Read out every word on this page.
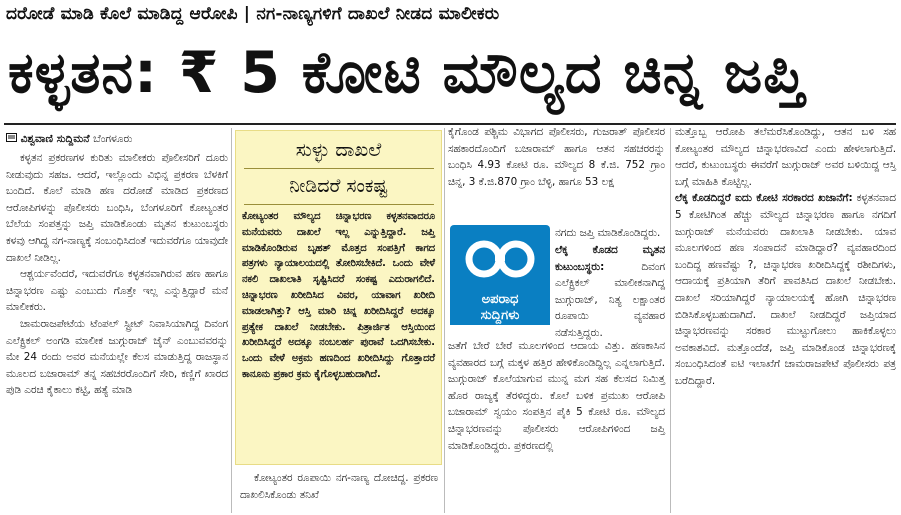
ದರೋಡೆ ಮಾಡಿ ಕೊಲೆ ಮಾಡಿದ್ದ ಆರೋಪಿ | ನಗ-ನಾಣ್ಯಗಳಿಗೆ ದಾಖಲೆ ನೀಡದ ಮಾಲೀಕರು
ಕಳ್ಳತನ: ₹ 5 ಕೋಟಿ ಮೌಲ್ಯದ ಚಿನ್ನ ಜಪ್ತಿ
ವಿಶ್ವವಾಣಿ ಸುದ್ದಿಮನೆ ಬೆಂಗಳೂರು

ಕಳ್ಳತನ ಪ್ರಕರಣಗಳ ಕುರಿತು ಮಾಲೀಕರು ಪೊಲೀಸರಿಗೆ ದೂರು ನೀಡುವುದು ಸಹಜ. ಆದರೆ, ಇಲ್ಲೊಂದು ವಿಭಿನ್ನ ಪ್ರಕರಣ ಬೆಳಕಿಗೆ ಬಂದಿದೆ. ಕೊಲೆ ಮಾಡಿ ಹಣ ದರೋಡೆ ಮಾಡಿದ ಪ್ರಕರಣದ ಆರೋಪಿಗಳನ್ನು ಪೊಲೀಸರು ಬಂಧಿಸಿ, ಬೆಂಗಳೂರಿಗೆ ಕೋಟ್ಯಂತರ ಬೆಲೆಯ ಸಂಪತ್ತನ್ನು ಜಪ್ತಿ ಮಾಡಿಕೊಂಡು ಮೃತನ ಕುಟುಂಬಸ್ಥರು ಕಳವು ಆಗಿದ್ದ ನಗ-ನಾಣ್ಯಕ್ಕೆ ಸಂಬಂಧಿಸಿದಂತೆ ಇದುವರೆಗೂ ಯಾವುದೇ ದಾಖಲೆ ನೀಡಿಲ್ಲ.

ಆಶ್ಚರ್ಯವೆಂದರೆ, ಇದುವರೆಗೂ ಕಳ್ಳತನವಾಗಿರುವ ಹಣ ಹಾಗೂ ಚಿನ್ನಾಭರಣ ಎಷ್ಟು ಎಂಬುದು ಗೊತ್ತೇ ಇಲ್ಲ ಎನ್ನುತ್ತಿದ್ದಾರೆ ಮನೆ ಮಾಲೀಕರು.

ಚಾಮರಾಜಪೇಟೆಯ ಟೆಂಪಲ್ ಸ್ಟ್ರೀಟ್ ನಿವಾಸಿಯಾಗಿದ್ದ ದಿವಂಗ ಎಲೆಕ್ಟ್ರಿಕಲ್ ಅಂಗಡಿ ಮಾಲೀಕ ಜುಗ್ಗುರಾಜ್ ಜೈನ್ ಎಂಬುವವರನ್ನು ಮೇ 24 ರಂದು ಅವರ ಮನೆಯಲ್ಲೇ ಕೆಲಸ ಮಾಡುತ್ತಿದ್ದ ರಾಜಸ್ಥಾನ ಮೂಲದ ಬಜಾರಾಮ್ ತನ್ನ ಸಹಚರರೊಂದಿಗೆ ಸೇರಿ, ಕಣ್ಣಿಗೆ ಖಾರದ ಪುಡಿ ಎರಚಿ ಕೈಕಾಲು ಕಟ್ಟಿ, ಹತ್ಯೆ ಮಾಡಿ

ಸುಳ್ಳು ದಾಖಲೆ
ನೀಡಿದರೆ ಸಂಕಷ್ಟ
ಕೋಟ್ಯಂತರ ಮೌಲ್ಯದ ಚಿನ್ನಾಭರಣ ಕಳ್ಳತನವಾದರೂ ಮನೆಯವರು ದಾಖಲೆ ಇಲ್ಲ ಎನ್ನುತ್ತಿದ್ದಾರೆ. ಜಪ್ತಿ ಮಾಡಿಕೊಂಡಿರುವ ಬೃಹತ್ ಮೊತ್ತದ ಸಂಪತ್ತಿಗೆ ಕಾಗದ ಪತ್ರಗಳು ನ್ಯಾಯಾಲಯದಲ್ಲಿ ತೋರಿಸಬೇಕಿದೆ. ಒಂದು ವೇಳೆ ನಕಲಿ ದಾಖಲಾತಿ ಸೃಷ್ಟಿಸಿದರೆ ಸಂಕಷ್ಟ ಎದುರಾಗಲಿದೆ. ಚಿನ್ನಾಭರಣ ಖರೀದಿಸಿದ ವಿವರ, ಯಾವಾಗ ಖರೀದಿ ಮಾಡಲಾಗಿತ್ತು? ಆಸ್ತಿ ಮಾರಿ ಚಿನ್ನ ಖರೀದಿಸಿದ್ದರೆ ಅದಕ್ಕೂ ಪ್ರತ್ಯೇಕ ದಾಖಲೆ ನೀಡಬೇಕು. ಪಿತ್ರಾರ್ಜಿತ ಆಸ್ತಿಯಿಂದ ಖರೀದಿಸಿದ್ದರೆ ಅದಕ್ಕೂ ನಂಬಲರ್ಹ ಪುರಾವೆ ಒದಗಿಸಬೇಕು. ಒಂದು ವೇಳೆ ಅಕ್ರಮ ಹಣದಿಂದ ಖರೀದಿಸಿದ್ದು ಗೊತ್ತಾದರೆ ಕಾನೂನು ಪ್ರಕಾರ ಕ್ರಮ ಕೈಗೊಳ್ಳಬಹುದಾಗಿದೆ.

ಕೋಟ್ಯಂತರ ರೂಪಾಯಿ ನಗ-ನಾಣ್ಯ ದೋಚಿದ್ದ. ಪ್ರಕರಣ ದಾಖಲಿಸಿಕೊಂಡು ತನಿಖೆ

ಕೈಗೊಂಡ ಪಶ್ಚಿಮ ವಿಭಾಗದ ಪೊಲೀಸರು, ಗುಜರಾತ್ ಪೊಲೀಸರ ಸಹಕಾರದೊಂದಿಗೆ ಬಜಾರಾಮ್ ಹಾಗೂ ಆತನ ಸಹಚರರನ್ನು ಬಂಧಿಸಿ 4.93 ಕೋಟಿ ರೂ. ಮೌಲ್ಯದ 8 ಕೆ.ಜಿ. 752 ಗ್ರಾಂ ಚಿನ್ನ, 3 ಕೆ.ಜಿ.870 ಗ್ರಾಂ ಬೆಳ್ಳಿ, ಹಾಗೂ 53 ಲಕ್ಷ

ಅಪರಾಧ
ಸುದ್ದಿಗಳು

ನಗದು ಜಪ್ತಿ ಮಾಡಿಕೊಂಡಿದ್ದರು.

ಲೆಕ್ಕ ಕೊಡದ ಮೃತನ ಕುಟುಂಬಸ್ಥರು:	ದಿವಂಗ ಎಲೆಕ್ಟ್ರಿಕಲ್ ಮಾಲೀಕನಾಗಿದ್ದ ಜುಗ್ಗುರಾಜ್, ನಿತ್ಯ ಲಕ್ಷಾಂತರ ರೂಪಾಯಿ ವ್ಯವಹಾರ ನಡೆಸುತ್ತಿದ್ದರು.

ಜತೆಗೆ ಬೇರೆ ಬೇರೆ ಮೂಲಗಳಿಂದ ಆದಾಯ ವಿತ್ತು. ಹಣಕಾಸಿನ ವ್ಯವಹಾರದ ಬಗ್ಗೆ ಮಕ್ಕಳ ಹತ್ತಿರ ಹೇಳಿಕೊಂಡಿದ್ದಿಲ್ಲ ಎನ್ನಲಾಗುತ್ತಿದೆ. ಜುಗ್ಗುರಾಜ್ ಕೊಲೆಯಾಗುವ ಮುನ್ನ ಮಗ ಸಹ ಕೆಲಸದ ನಿಮಿತ್ತ ಹೊರ ರಾಜ್ಯಕ್ಕೆ ತೆರಳಿದ್ದರು. ಕೊಲೆ ಬಳಿಕ ಪ್ರಮುಖ ಆರೋಪಿ ಬಜಾರಾಮ್ ಸ್ವಯಂ ಸಂಪತ್ತಿನ ಪೈಕಿ 5 ಕೋಟಿ ರೂ. ಮೌಲ್ಯದ ಚಿನ್ನಾಭರಣವನ್ನು ಪೊಲೀಸರು ಆರೋಪಿಗಳಿಂದ ಜಪ್ತಿ ಮಾಡಿಕೊಂಡಿದ್ದರು. ಪ್ರಕರಣದಲ್ಲಿ

ಮತ್ತೊಬ್ಬ ಆರೋಪಿ ತಲೆಮರೆಸಿಕೊಂಡಿದ್ದು, ಆತನ ಬಳಿ ಸಹ ಕೋಟ್ಯಂತರ ಮೌಲ್ಯದ ಚಿನ್ನಾಭರಣವಿದೆ ಎಂದು ಹೇಳಲಾಗುತ್ತಿದೆ. ಆದರೆ, ಕುಟುಂಬಸ್ಥರು ಈವರೆಗೆ ಜುಗ್ಗುರಾಜ್ ಅವರ ಬಳಿಯಿದ್ದ ಆಸ್ತಿ ಬಗ್ಗೆ ಮಾಹಿತಿ ಕೊಟ್ಟಿಲ್ಲ.

ಲೆಕ್ಕ ಕೊಡದಿದ್ದರೆ ಐದು ಕೋಟಿ ಸರಕಾರದ ಖಜಾನೆಗೆ: ಕಳ್ಳತನವಾದ 5 ಕೋಟಿಗಿಂತ ಹೆಚ್ಚು ಮೌಲ್ಯದ ಚಿನ್ನಾಭರಣ ಹಾಗೂ ನಗದಿಗೆ ಜುಗ್ಗುರಾಜ್ ಮನೆಯವರು ದಾಖಲಾತಿ ನೀಡಬೇಕು. ಯಾವ ಮೂಲಗಳಿಂದ ಹಣ ಸಂಪಾದನೆ ಮಾಡಿದ್ದಾರೆ? ವ್ಯವಹಾರದಿಂದ ಬಂದಿದ್ದ ಹಣವೆಷ್ಟು ?, ಚಿನ್ನಾಭರಣ ಖರೀದಿಸಿದ್ದಕ್ಕೆ ರಶೀದಿಗಳು, ಆದಾಯಕ್ಕೆ ಪ್ರತಿಯಾಗಿ ತೆರಿಗೆ ಪಾವತಿಸಿದ ದಾಖಲೆ ನೀಡಬೇಕು. ದಾಖಲೆ ಸರಿಯಾಗಿದ್ದರೆ ನ್ಯಾಯಾಲಯಕ್ಕೆ ಹೋಗಿ ಚಿನ್ನಾಭರಣ ಬಿಡಿಸಿಕೊಳ್ಳಬಹುದಾಗಿದೆ. ದಾಖಲೆ ನೀಡದಿದ್ದರೆ ಜಪ್ತಿಯಾದ ಚಿನ್ನಾಭರಣವನ್ನು ಸರಕಾರ ಮುಟ್ಟುಗೋಲು ಹಾಕಿಕೊಳ್ಳಲು ಅವಕಾಶವಿದೆ. ಮತ್ತೊಂದೆಡೆ, ಜಪ್ತಿ ಮಾಡಿಕೊಂಡ ಚಿನ್ನಾಭರಣಕ್ಕೆ ಸಂಬಂಧಿಸಿದಂತೆ ಐಟಿ ಇಲಾಖೆಗೆ ಚಾಮರಾಜಪೇಟೆ ಪೊಲೀಸರು ಪತ್ರ ಬರೆದಿದ್ದಾರೆ.
